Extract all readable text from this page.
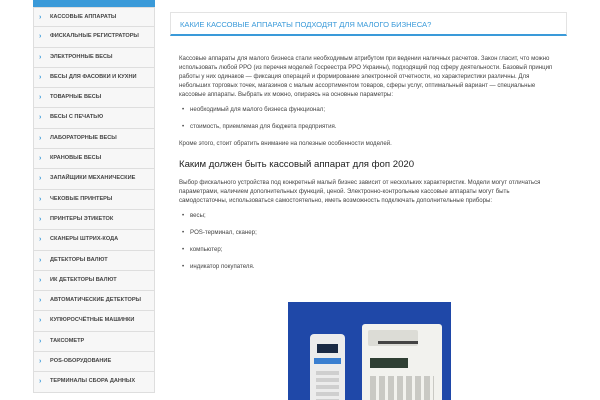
› КАССОВЫЕ АППАРАТЫ
› ФИСКАЛЬНЫЕ РЕГИСТРАТОРЫ
› ЭЛЕКТРОННЫЕ ВЕСЫ
› ВЕСЫ ДЛЯ ФАСОВКИ И КУХНИ
› ТОВАРНЫЕ ВЕСЫ
› ВЕСЫ С ПЕЧАТЬЮ
› ЛАБОРАТОРНЫЕ ВЕСЫ
› КРАНОВЫЕ ВЕСЫ
› ЗАПАЙЩИКИ МЕХАНИЧЕСКИЕ
› ЧЕКОВЫЕ ПРИНТЕРЫ
› ПРИНТЕРЫ ЭТИКЕТОК
› СКАНЕРЫ ШТРИХ-КОДА
› ДЕТЕКТОРЫ ВАЛЮТ
› ИК ДЕТЕКТОРЫ ВАЛЮТ
› АВТОМАТИЧЕСКИЕ ДЕТЕКТОРЫ
› КУПЮРОСЧЁТНЫЕ МАШИНКИ
› ТАКСОМЕТР
› POS-ОБОРУДОВАНИЕ
› ТЕРМИНАЛЫ СБОРА ДАННЫХ
КАКИЕ КАССОВЫЕ АППАРАТЫ ПОДХОДЯТ ДЛЯ МАЛОГО БИЗНЕСА?

Кассовые аппараты для малого бизнеса стали необходимым атрибутом при ведении наличных расчетов. Закон гласит, что можно использовать любой РРО (из перечня моделей Госреестра РРО Украины), подходящий под сферу деятельности. Базовый принцип работы у них одинаков — фиксация операций и формирование электронной отчетности, но характеристики различны. Для небольших торговых точек, магазинов с малым ассортиментом товаров, сферы услуг, оптимальный вариант — специальные кассовые аппараты. Выбрать их можно, опираясь на основные параметры:

• необходимый для малого бизнеса функционал;
• стоимость, приемлемая для бюджета предприятия.

Кроме этого, стоит обратить внимание на полезные особенности моделей.

Каким должен быть кассовый аппарат для фоп 2020

Выбор фискального устройства под конкретный малый бизнес зависит от нескольких характеристик. Модели могут отличаться параметрами, наличием дополнительных функций, ценой. Электронно-контрольные кассовые аппараты могут быть самодостаточны, использоваться самостоятельно, иметь возможность подключать дополнительные приборы:

• весы;
• POS-терминал, сканер;
• компьютер;
• индикатор покупателя.
